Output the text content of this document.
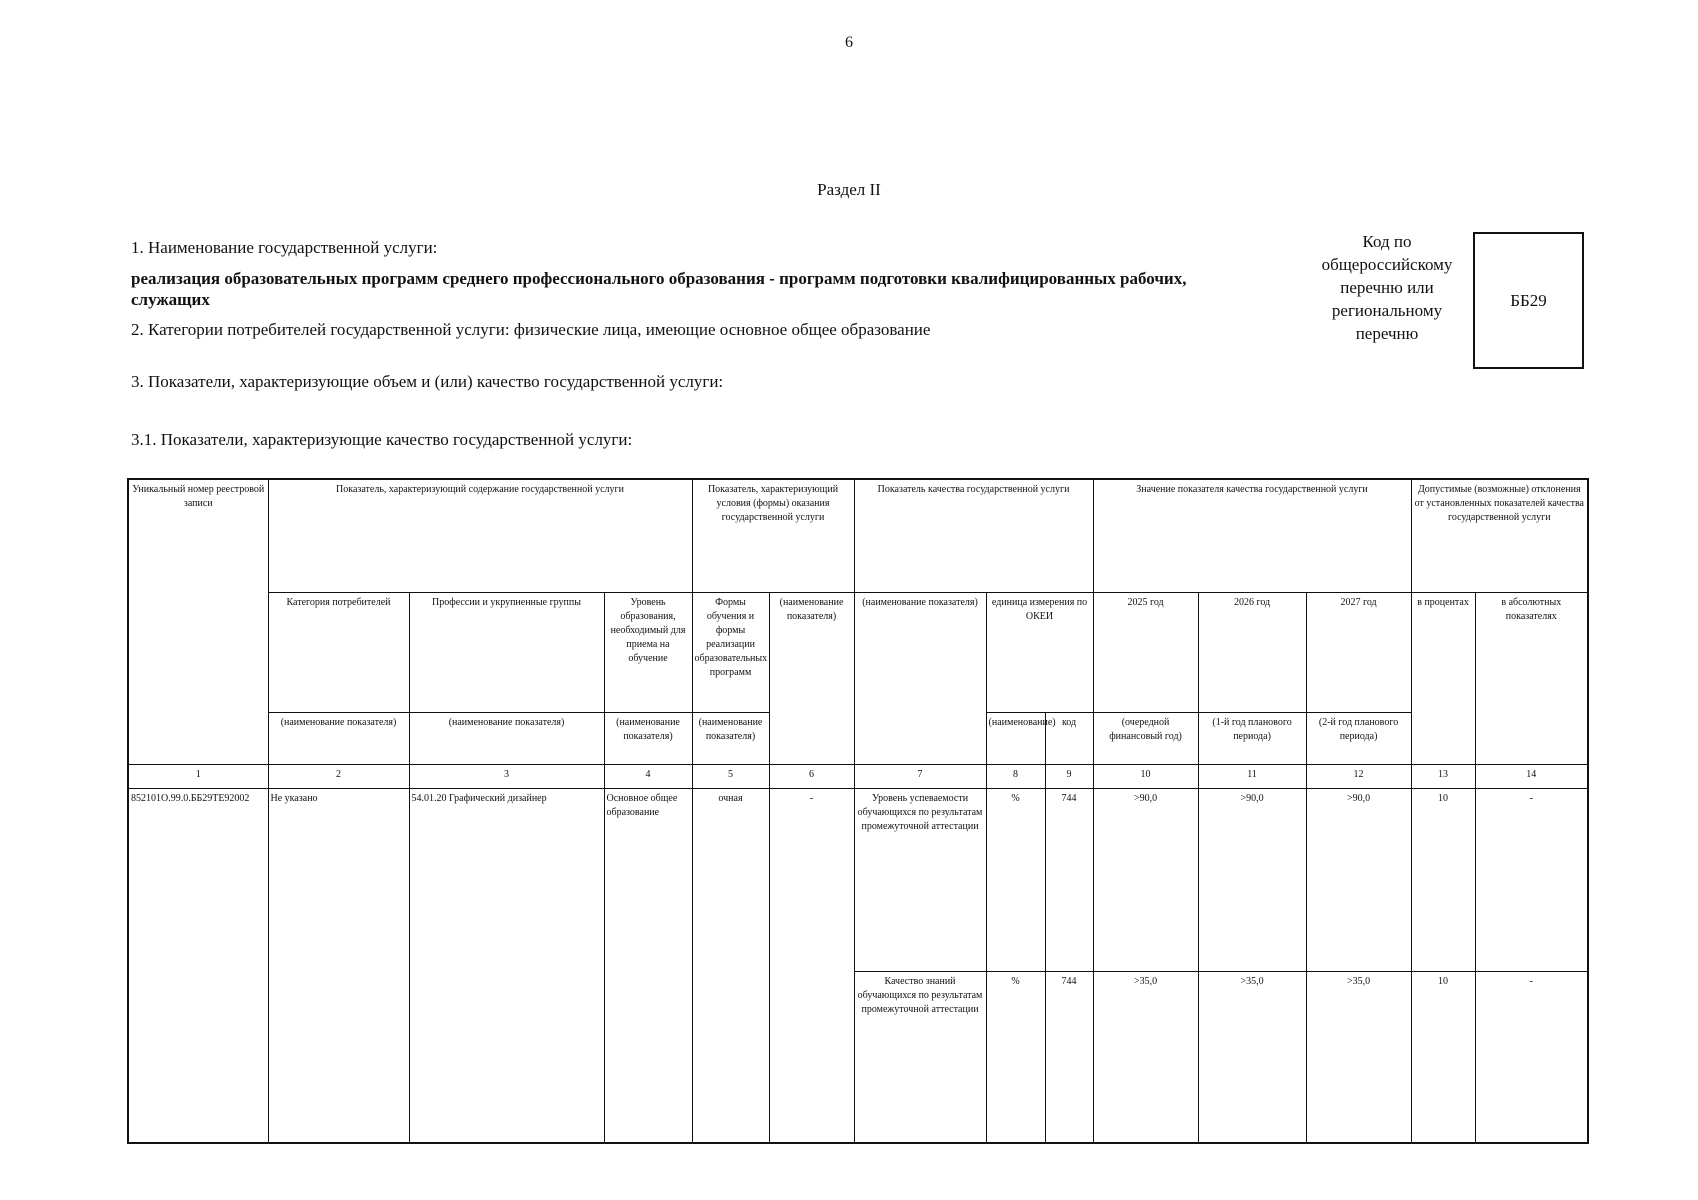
6
Раздел II
1. Наименование государственной услуги:
реализация образовательных программ среднего профессионального образования - программ подготовки квалифицированных рабочих, служащих
2. Категории потребителей государственной услуги: физические лица, имеющие основное общее образование
3. Показатели, характеризующие объем и (или) качество государственной услуги:
3.1. Показатели, характеризующие качество государственной услуги:
Код по общероссийскому перечню или региональному перечню
ББ29
Уникальный номер реестровой записи	Показатель, характеризующий содержание государственной услуги			Показатель, характеризующий условия (формы) оказания государственной услуги		Показатель качества государственной услуги			Значение показателя качества государственной услуги			Допустимые (возможные) отклонения от установленных показателей качества государственной услуги	
	Категория потребителей	Профессии и укрупненные группы	Уровень образования, необходимый для приема на обучение	Формы обучения и формы реализации образовательных программ	(наименование показателя)	(наименование показателя)	единица измерения по ОКЕИ		2025 год	2026 год	2027 год	в процентах	в абсолютных показателях
	(наименование показателя)	(наименование показателя)	(наименование показателя)	(наименование показателя)			(наименование)	код	(очередной финансовый год)	(1-й год планового периода)	(2-й год планового периода)		
1	2	3	4	5	6	7	8	9	10	11	12	13	14
852101О.99.0.ББ29ТЕ92002	Не указано	54.01.20 Графический дизайнер	Основное общее образование	очная	-	Уровень успеваемости обучающихся по результатам промежуточной аттестации	%	744	>90,0	>90,0	>90,0	10	-
						Качество знаний обучающихся по результатам промежуточной аттестации	%	744	>35,0	>35,0	>35,0	10	-
